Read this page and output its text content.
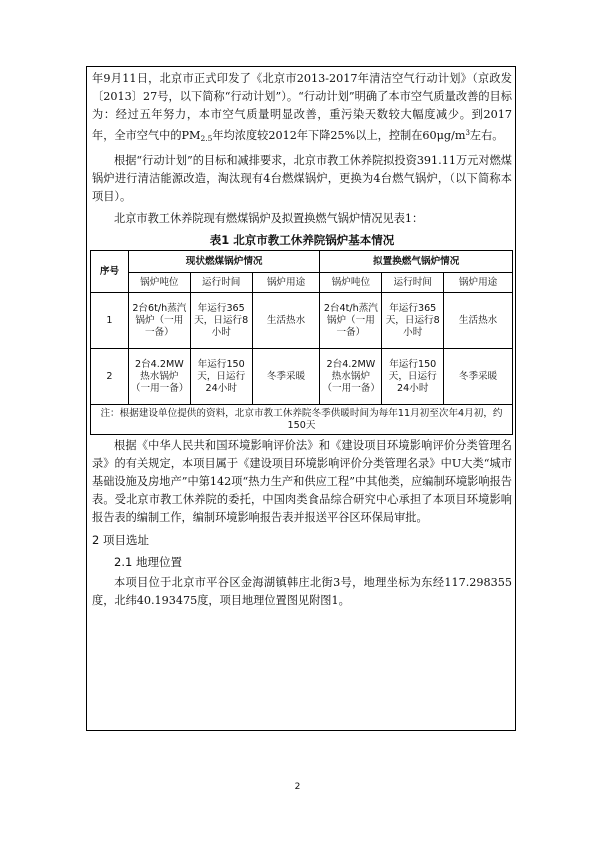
年9月11日，北京市正式印发了《北京市2013-2017年清洁空气行动计划》（京政发〔2013〕27号，以下简称“行动计划”）。“行动计划”明确了本市空气质量改善的目标为：经过五年努力，本市空气质量明显改善，重污染天数较大幅度减少。到2017年，全市空气中的$PM_{2.5}$年均浓度较2012年下降25%以上，控制在$60\mu g/m^3$左右。

根据“行动计划”的目标和减排要求，北京市教工休养院拟投资391.11万元对燃煤锅炉进行清洁能源改造，淘汰现有4台燃煤锅炉，更换为4台燃气锅炉，（以下简称本项目）。

北京市教工休养院现有燃煤锅炉及拟置换燃气锅炉情况见表1：

表1 北京市教工休养院锅炉基本情况
序号	现状燃煤锅炉情况			拟置换燃气锅炉情况		
	锅炉吨位	运行时间	锅炉用途	锅炉吨位	运行时间	锅炉用途
1	2台6t/h蒸汽锅炉（一用一备）	年运行365天，日运行8小时	生活热水	2台4t/h蒸汽锅炉（一用一备）	年运行365天，日运行8小时	生活热水
2	2台4.2MW热水锅炉（一用一备）	年运行150天，日运行24小时	冬季采暖	2台4.2MW热水锅炉（一用一备）	年运行150天，日运行24小时	冬季采暖
注：根据建设单位提供的资料，北京市教工休养院冬季供暖时间为每年11月初至次年4月初，约150天						

根据《中华人民共和国环境影响评价法》和《建设项目环境影响评价分类管理名录》的有关规定，本项目属于《建设项目环境影响评价分类管理名录》中U大类“城市基础设施及房地产”中第142项“热力生产和供应工程”中其他类，应编制环境影响报告表。受北京市教工休养院的委托，中国肉类食品综合研究中心承担了本项目环境影响报告表的编制工作，编制环境影响报告表并报送平谷区环保局审批。

2 项目选址
2.1 地理位置

本项目位于北京市平谷区金海湖镇韩庄北街3号，地理坐标为东经117.298355度，北纬40.193475度，项目地理位置图见附图1。

2
